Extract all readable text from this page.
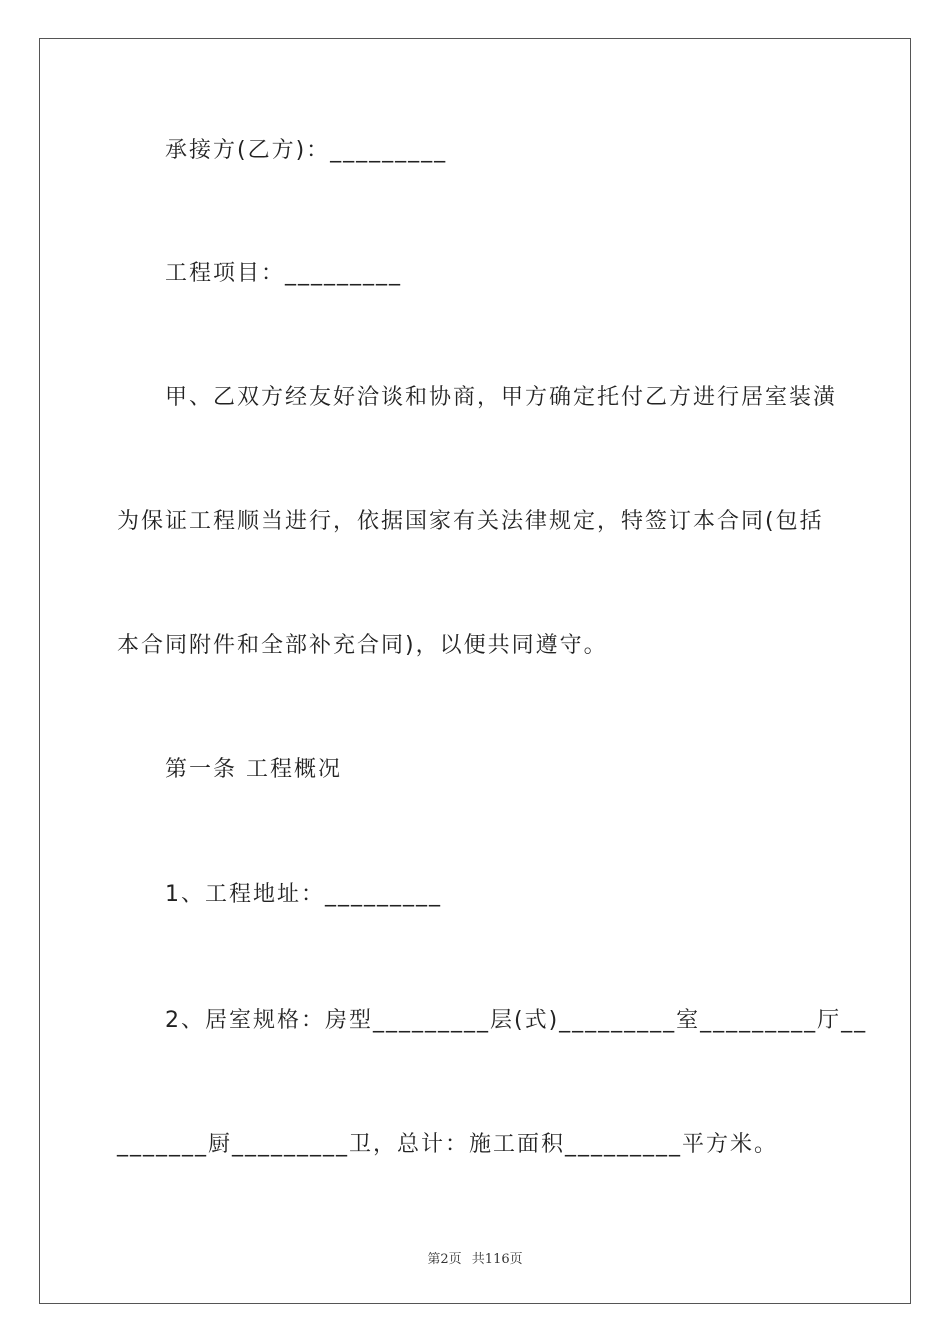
承接方(乙方)：_________
工程项目：_________
甲、乙双方经友好洽谈和协商，甲方确定托付乙方进行居室装潢
为保证工程顺当进行，依据国家有关法律规定，特签订本合同(包括
本合同附件和全部补充合同)，以便共同遵守。
第一条 工程概况
1、工程地址：_________
2、居室规格：房型_________层(式)_________室_________厅__
_______厨_________卫，总计：施工面积_________平方米。
第2页 共116页
